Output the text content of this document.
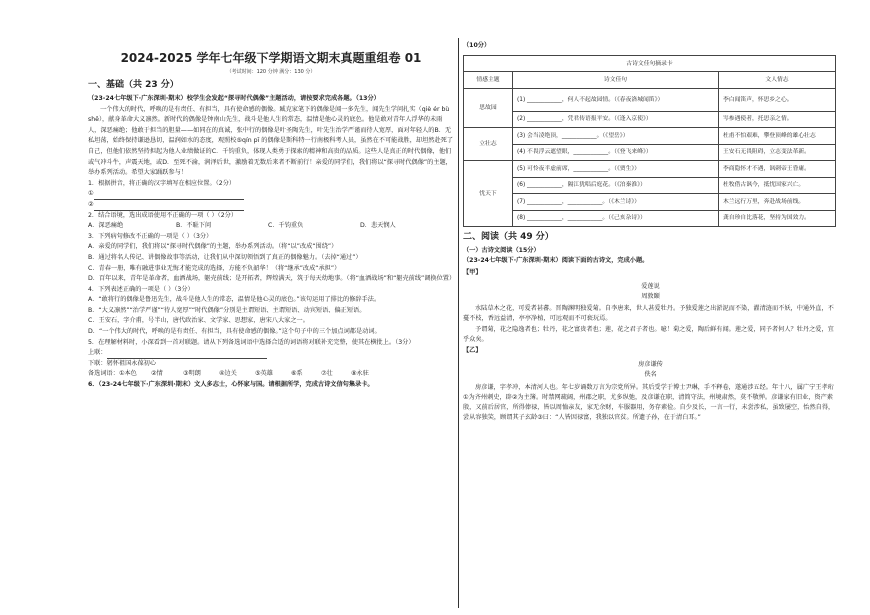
2024-2025 学年七年级下学期语文期末真题重组卷 01
（考试时间：120 分钟 满分：130 分）
一、基础（共 23 分）

（23-24七年级下·广东深圳·期末）校学生会发起“探寻时代偶像”主题活动，请按要求完成各题。（13分）

一个伟大的时代，呼唤的是有责任、有担当，具有使命感的偶像。臧克家笔下的偶像是闻一多先生，闻先生学问扎实（qiè ér bù shě），献身革命大义凛然。新时代的偶像是钟南山先生，战斗是他人生的常态，温情是他心灵的底色。他是敢对青年人浮华的未雨人，深恶痛绝；他敢于担当的胆量——如同在的真诚，张中行的偶像是叶圣陶先生，叶先生治学严谨而待人宽厚，面对年轻人的B．无私坦荡，始终保持谦逊恳切，温润如水的态度，观照校⑤qín pī 的偶像是斯科特一行南极科考人员，虽然在不可能战胜，却坦然赴死了自己，但他们依然坚持担起为他人业绩做证的C．千钧重负，体现人类勇于探索的精神和高贵的品质。这些人是真正的时代偶像，他们或气冲斗牛，声震天地，或D．至死不渝，润泽后世，激励着无数后来者不断前行！亲爱的同学们，我们将以“探寻时代偶像”的主题，举办系列活动。希望大家踊跃参与！

1．根据拼音，将正确的汉字填写在相应位置。（2分）

①

②

2．结合语境，选出成语使用不正确的一项（ ）（2分）

A．深恶痛绝	B．不耻下问	C．千钧重负	D．悲天悯人

3．下列病句修改不正确的一项是（ ）（3分）

A．亲爱的同学们，我们将以“探寻时代偶像”的主题，举办系列活动。（将“以”改成“围绕”）

B．通过将名人传记、讲偶像故事等活动，让我们从中深切领悟到了真正的偶像魅力。（去掉“通过”）

C．青春一册，唯有融进事业无悔才能完成的选择，方能不负韶华！（将“继承”改成“承担”）

D．百年以来，青年是革命者，血洒战场，躯壳前线；是开拓者，辉煌满天，筑于每天幼地事。（将“血洒战场”和“躯壳前线”调换位置）

4．下列表述正确的一项是（ ）（3分）

A．“敢将行的偶像是鲁迅先生，战斗是他人生的常态，温情是他心灵的底色。”该句运用了排比的修辞手法。

B．“大义凛然”“治学严谨”“待人宽厚”“时代偶像”分别是主谓短语、主谓短语、动宾短语、偏正短语。

C．王安石，字介甫，号半山，唐代政治家、文学家、思想家，唐宋八大家之一。

D．“一个伟大的时代，呼唤的是有责任、有担当，具有使命感的偶像。”这个句子中的三个加点词都是动词。

5．在理解材料时，小深看到一首对联题。请从下列备选词语中选择合适的词语将对联补充完整，使其在横批上。（3分）

上联：

下联：躬怀祖国永葆初心

备选词语： ①本色	②情	③明朗	④边关	⑤英雄	⑥系	⑦壮	⑧永驻

6．（23-24七年级下·广东深圳·期末）文人多志士，心怀家与国。请根据所学，完成古诗文信句集录卡。

（10分）

古诗文佳句摘录卡		
情感主题	诗文佳句	文人情志
思故园	(1) ____________，何人不起故园情。（《春夜洛城闻笛》）	李白闻笛声，怀思乡之心。
	(2) ____________，凭君传语报平安。（《逢入京使》）	岑参遇使者，托思亲之情。
立壮志	(3) 会当凌绝顶，____________。（《望岳》）	杜甫不怕艰难，攀登顶峰的雄心壮志
	(4) 不畏浮云遮望眼，____________。（《登飞来峰》）	王安石无畏阻碍，立志变法革新。
忧天下	(5) 可怜夜半虚前席，____________。（《贾生》）	李商隐怀才不遇，讽刺帝王昏庸。
	(6) ____________，隔江犹唱后庭花。（《泊秦淮》）	杜牧借古讽今，抵忧国家兴亡。
	(7) ____________，____________。（《木兰诗》）	木兰远行万里，奔赴战场前线。
	(8) ____________，____________。（《己亥杂诗》）	龚自珍自比落花，坚持为国效力。
二、阅读（共 49 分）

（一）古诗文阅读（15分）

（23-24七年级下·广东深圳·期末）阅读下面的古诗文，完成小题。

【甲】

爱莲说

周敦颐

水陆草木之花，可爱者甚蕃。晋陶渊明独爱菊。自李唐来，世人甚爱牡丹。予独爱莲之出淤泥而不染，濯清涟而不妖，中通外直，不蔓不枝，香远益清，亭亭净植，可远观而不可亵玩焉。

予谓菊，花之隐逸者也；牡丹，花之富贵者也；莲，花之君子者也。噫！菊之爱，陶后鲜有闻。莲之爱，同予者何人？牡丹之爱，宜乎众矣。

【乙】

房彦谦传

佚名

房彦谦，字孝冲，本清河人也。年七岁诵数万言为宗党所异。其后受学于博士尹琳，手不释卷，遂通涉五经。年十八，属广宁王孝珩①为齐州刺史，辟②为主簿。时禁网疏阔，州郡之职，尤多纵弛，及彦谦在职，清简守法，州境肃然，莫不敬惮。彦谦家有旧业，资产素殷，又前后居官，所得俸禄，皆以周恤亲友，家无余财，车服器用，务存素俭。自少及长，一言一行，未尝涉私，虽致屡空，怡然自得，尝从容独笑，顾谓其子玄龄③曰：“人皆因禄富，我独以官贫。所遗子孙，在于清白耳。”
